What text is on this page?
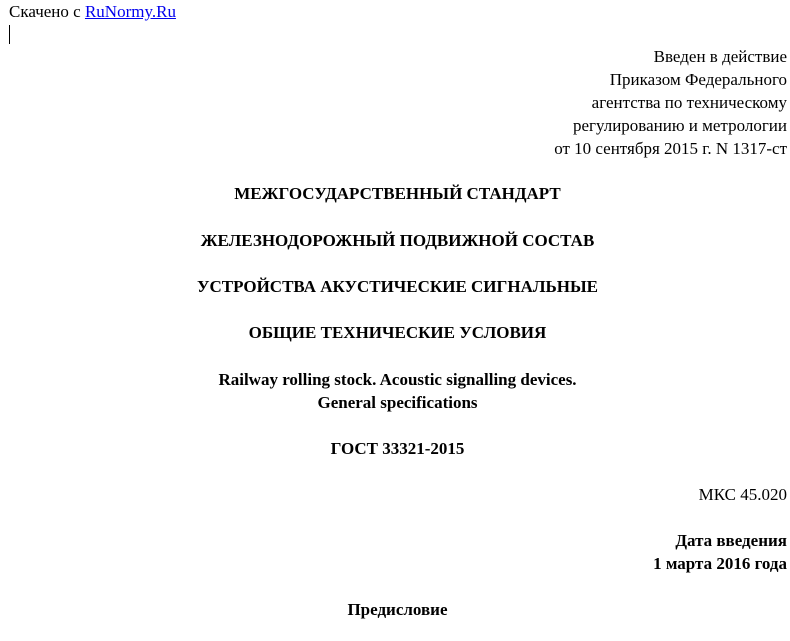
Скачено с RuNormy.Ru
Введен в действие
Приказом Федерального
агентства по техническому
регулированию и метрологии
от 10 сентября 2015 г. N 1317-ст
МЕЖГОСУДАРСТВЕННЫЙ СТАНДАРТ
ЖЕЛЕЗНОДОРОЖНЫЙ ПОДВИЖНОЙ СОСТАВ
УСТРОЙСТВА АКУСТИЧЕСКИЕ СИГНАЛЬНЫЕ
ОБЩИЕ ТЕХНИЧЕСКИЕ УСЛОВИЯ
Railway rolling stock. Acoustic signalling devices.
General specifications
ГОСТ 33321-2015
МКС 45.020
Дата введения
1 марта 2016 года
Предисловие
